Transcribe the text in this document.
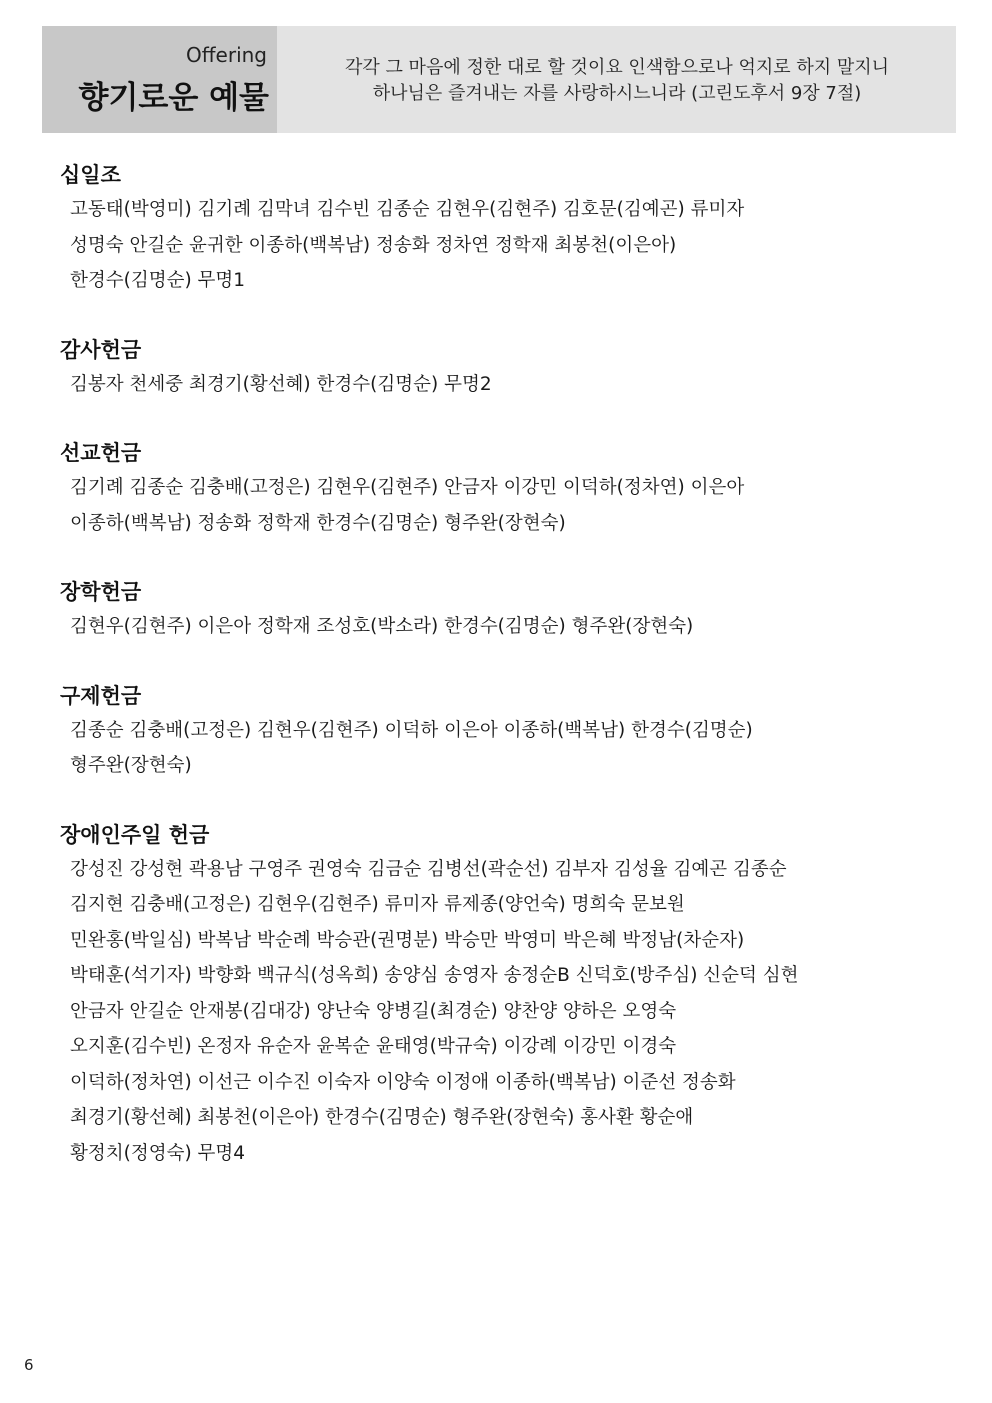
Offering
향기로운 예물
각각 그 마음에 정한 대로 할 것이요 인색함으로나 억지로 하지 말지니
하나님은 즐겨내는 자를 사랑하시느니라 (고린도후서 9장 7절)
십일조
고동태(박영미) 김기례 김막녀 김수빈 김종순 김현우(김현주) 김호문(김예곤) 류미자
성명숙 안길순 윤귀한 이종하(백복남) 정송화 정차연 정학재 최봉천(이은아)
한경수(김명순) 무명1
감사헌금
김봉자 천세중 최경기(황선혜) 한경수(김명순) 무명2
선교헌금
김기례 김종순 김충배(고정은) 김현우(김현주) 안금자 이강민 이덕하(정차연) 이은아
이종하(백복남) 정송화 정학재 한경수(김명순) 형주완(장현숙)
장학헌금
김현우(김현주) 이은아 정학재 조성호(박소라) 한경수(김명순) 형주완(장현숙)
구제헌금
김종순 김충배(고정은) 김현우(김현주) 이덕하 이은아 이종하(백복남) 한경수(김명순)
형주완(장현숙)
장애인주일 헌금
강성진 강성현 곽용남 구영주 권영숙 김금순 김병선(곽순선) 김부자 김성율 김예곤 김종순
김지현 김충배(고정은) 김현우(김현주) 류미자 류제종(양언숙) 명희숙 문보원
민완홍(박일심) 박복남 박순례 박승관(권명분) 박승만 박영미 박은혜 박정남(차순자)
박태훈(석기자) 박향화 백규식(성옥희) 송양심 송영자 송정순B 신덕호(방주심) 신순덕 심현
안금자 안길순 안재봉(김대강) 양난숙 양병길(최경순) 양찬양 양하은 오영숙
오지훈(김수빈) 온정자 유순자 윤복순 윤태영(박규숙) 이강례 이강민 이경숙
이덕하(정차연) 이선근 이수진 이숙자 이양숙 이정애 이종하(백복남) 이준선 정송화
최경기(황선혜) 최봉천(이은아) 한경수(김명순) 형주완(장현숙) 홍사환 황순애
황정치(정영숙) 무명4
6
